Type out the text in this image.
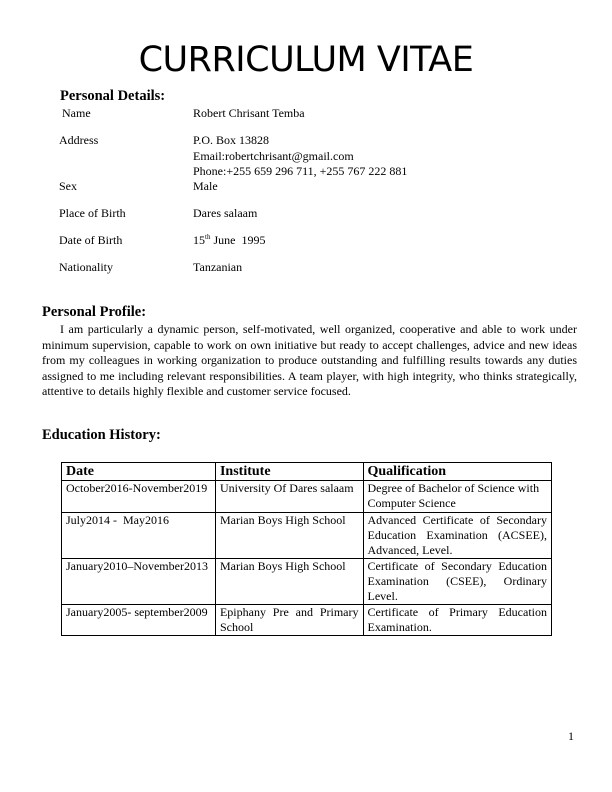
CURRICULUM VITAE
Personal Details:
Name	Robert Chrisant Temba
Address	P.O. Box 13828
Email:robertchrisant@gmail.com
Phone:+255 659 296 711, +255 767 222 881
Sex	Male
Place of Birth	Dares salaam
Date of Birth	15th June  1995
Nationality	Tanzanian
Personal Profile:

I am particularly a dynamic person, self-motivated, well organized, cooperative and able to work under minimum supervision, capable to work on own initiative but ready to accept challenges, advice and new ideas from my colleagues in working organization to produce outstanding and fulfilling results towards any duties assigned to me including relevant responsibilities. A team player, with high integrity, who thinks strategically, attentive to details highly flexible and customer service focused.

Education History:
Date	Institute	Qualification
October2016-November2019	University Of Dares salaam	Degree of Bachelor of Science with Computer Science
July2014 -  May2016	Marian Boys High School	Advanced Certificate of Secondary Education Examination (ACSEE), Advanced, Level.
January2010–November2013	Marian Boys High School	Certificate of Secondary Education Examination (CSEE), Ordinary Level.
January2005- september2009	Epiphany Pre and Primary School	Certificate of Primary Education Examination.
1
